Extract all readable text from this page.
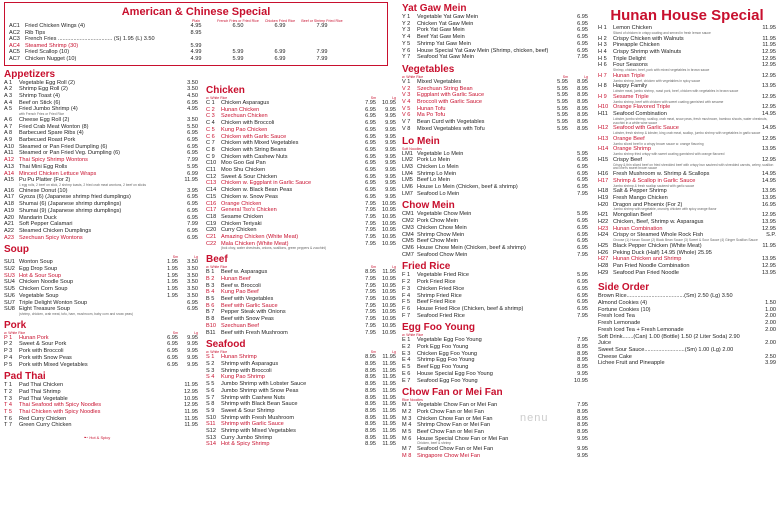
American & Chinese Special
Plain	French Fries or Fried Rice	Chicken Fried Rice	Beef or Shrimp Fried Rice
AC1 Fried Chicken Wings (4)	4.95	6.50	6.99	7.99
AC2 Rib Tips	8.95
AC3 French Fries ................................... (S) 1.95 (L) 3.50
AC4 Steamed Shrimp (30)	5.99
AC5 Fried Scallop (10)	4.99	5.99	6.99	7.99
AC7 Chicken Nugget (10)	4.99	5.99	6.99	7.99
Appetizers
A 1	Vegetable Egg Roll (2)	3.50
A 2	Shrimp Egg Roll (2)	3.50
A 3	Shrimp Toast (4)	4.50
A 4	Beef on Stick (6)	6.95
A 5	Fried Jumbo Shrimp (4)	4.95
with French Fries or Fried Rice
A 6	Cheese Egg Roll (2)	3.50
A 7	Fried Crab Meat Wonton (8)	5.50
A 8	Barbecued Spare Ribs (4)	6.95
A 9	Barbecued Roast Pork	6.95
A10 Steamed or Pan Fried Dumpling (6)	6.95
A11 Steamed or Pan Fried Veg. Dumpling (6)	6.95
A12 Thai Spicy Shrimp Wontons	7.99
A13 Thai Mini Egg Rolls	5.95
A14 Minced Chicken Lettuce Wraps	6.99
A15 Pu Pu Platter (For 2)	11.95
1 egg rolls, 2 beef on stick, 2 shrimp toasts, 2 fried crab meat wontons, 2 beef on sticks
A16 Chinese Donut (10)	3.95
A17 Gyoza (6) (Japanese shrimp fried dumplings)	6.95
A18 Shumai (6) (Japanese shrimp dumplings)	6.95
A19 Shumai (9) (Japanese shrimp dumplings)	6.95
A20 Mandarin Duck	6.95
A21 Soft Pepper Calamari	7.99
A22 Steamed Chicken Dumplings	6.95
A23 Szechuan Spicy Wontons	6.95
Soup
Sm	Lg
SU1 Wonton Soup	1.95	3.50
SU2 Egg Drop Soup	1.95	3.50
SU3 Hot & Sour Soup	1.95	3.50
SU4 Chicken Noodle Soup	1.95	3.50
SU5 Chicken Corn Soup	1.95	3.50
SU6 Vegetable Soup	1.95	3.50
SU7 Triple Delight Wonton Soup	6.95
SU8 Eight Treasure Soup	6.95
(shrimp, chicken, crab meat, tofu, ham, mushroom, baby corn and snow peas)
Pork
w. White Rice	Sm	Lg
P 1	Hunan Pork	6.95	9.95
P 2	Sweet & Sour Pork	6.95	9.95
P 3	Pork with Broccoli	6.95	9.95
P 4	Pork with Snow Peas	6.95	9.95
P 5	Pork with Mixed Vegetables	6.95	9.95
Pad Thai
T 1	Pad Thai Chicken	11.95
T 2	Pad Thai Shrimp	12.95
T 3	Pad Thai Vegetable	10.95
T 4	Thai Seafood with Spicy Noodles	12.95
T 5	Thai Chicken with Spicy Noodles	11.95
T 6	Red Curry Chicken	11.95
T 7	Green Curry Chicken	11.95
➸ Hot & Spicy
Chicken
w. White Rice	Sm	Lg
C 1	Chicken Asparagus	7.95	10.95
C 2	Hunan Chicken	6.95	9.95
C 3	Szechuan Chicken	6.95	9.95
C 4	Chicken with Broccoli	6.95	9.95
C 5	Kung Pao Chicken	6.95	9.95
C 6	Chicken with Garlic Sauce	6.95	9.95
C 7	Chicken with Mixed Vegetables	6.95	9.95
C 8	Chicken with String Beans	6.95	9.95
C 9	Chicken with Cashew Nuts	6.95	9.95
C10 Moo Goo Gai Pan	6.95	9.95
C11 Moo Shu Chicken	6.95	9.95
C12 Sweet & Sour Chicken	6.95	9.95
C13 Chicken w. Eggplant in Garlic Sauce	6.95	9.95
C14 Chicken w. Black Bean Peas	6.95	9.95
C15 Chicken w. Snow Peas	6.95	9.95
C16 Orange Chicken	7.95	10.95
C17 General Tso's Chicken	7.95	10.95
C18 Sesame Chicken	7.95	10.95
C19 Chicken Teriyaki	7.95	10.95
C20 Curry Chicken	7.95	10.95
C21 Amazing Chicken (White Meat)	7.95	10.95
C22 Mala Chicken (White Meat)	7.95	10.95
(bok choy, water chestnuts, onions, scallions, green peppers & zucchini)
Beef
w. White Rice	Sm	Lg
B 1	Beef w. Asparagus	8.95	11.95
B 2	Hunan Beef	7.95	10.95
B 3	Beef w. Broccoli	7.95	10.95
B 4	Kung Pao Beef	7.95	10.95
B 5	Beef with Vegetables	7.95	10.95
B 6	Beef with Garlic Sauce	7.95	10.95
B 7	Pepper Steak with Onions	7.95	10.95
B 8	Beef with Snow Peas	7.95	10.95
B10 Szechuan Beef	7.95	10.95
B11 Beef with Fresh Mushroom	7.95	10.95
Seafood
w. White Rice	Sm	Lg
S 1	Hunan Shrimp	8.95	11.95
S 2	Shrimp with Asparagus	8.95	11.95
S 3	Shrimp with Broccoli	8.95	11.95
S 4	Kung Pao Shrimp	8.95	11.95
S 5	Jumbo Shrimp with Lobster Sauce	8.95	11.95
S 6	Jumbo Shrimp with Snow Peas	8.95	11.95
S 7	Shrimp with Cashew Nuts	8.95	11.95
S 8	Shrimp with Black Bean Sauce	8.95	11.95
S 9	Sweet & Sour Shrimp	8.95	11.95
S10 Shrimp with Fresh Mushroom	8.95	11.95
S11 Shrimp with Garlic Sauce	8.95	11.95
S12 Shrimp with Mixed Vegetables	8.95	11.95
S13 Curry Jumbo Shrimp	8.95	11.95
S14 Hot & Spicy Shrimp	8.95	11.95
Yat Gaw Mein
Y 1	Vegetable Yat Gaw Mein	6.95
Y 2	Chicken Yat Gaw Mein	6.95
Y 3	Pork Yat Gaw Mein	6.95
Y 4	Beef Yat Gaw Mein	6.95
Y 5	Shrimp Yat Gaw Mein	6.95
Y 6	House Special Yat Gaw Mein (Shrimp, chicken, beef)	6.95
Y 7	Seafood Yat Gaw Mein	7.95
Vegetables
w. White Rice	Sm	Lg
V 1	Mixed Vegetables	5.95	8.95
V 2	Szechuan String Bean	5.95	8.95
V 3	Eggplant with Garlic Sauce	5.95	8.95
V 4	Broccoli with Garlic Sauce	5.95	8.95
V 5	Hunan Tofu	5.95	8.95
V 6	Ma Po Tofu	5.95	8.95
V 7	Bean Curd with Vegetables	5.95	8.95
V 8	Mixed Vegetables with Tofu	5.95	8.95
Lo Mein
Soft Noodles
LM1 Vegetable Lo Mein	5.95
LM2 Pork Lo Mein	6.95
LM3 Chicken Lo Mein	6.95
LM4 Shrimp Lo Mein	6.95
LM5 Beef Lo Mein	6.95
LM6 House Lo Mein (Chicken, beef & shrimp)	6.95
LM7 Seafood Lo Mein	7.95
Chow Mein
CM1 Vegetable Chow Mein	5.95
CM2 Pork Chow Mein	6.95
CM3 Chicken Chow Mein	6.95
CM4 Shrimp Chow Mein	6.95
CM5 Beef Chow Mein	6.95
CM6 House Chow Mein (Chicken, beef & shrimp)	6.95
CM7 Seafood Chow Mein	7.95
Fried Rice
F 1	Vegetable Fried Rice	5.95
F 2	Pork Fried Rice	6.95
F 3	Chicken Fried Rice	6.95
F 4	Shrimp Fried Rice	6.95
F 5	Beef Fried Rice	6.95
F 6	House Fried Rice (Chicken, beef & shrimp)	6.95
F 7	Seafood Fried Rice	7.95
Egg Foo Young
w. White Rice
E 1	Vegetable Egg Foo Young	7.95
E 2	Pork Egg Foo Young	8.95
E 3	Chicken Egg Foo Young	8.95
E 4	Shrimp Egg Foo Young	8.95
E 5	Beef Egg Foo Young	8.95
E 6	House Special Egg Foo Young	9.95
E 7	Seafood Egg Foo Young	10.95
Chow Fan or Mei Fan
Rice Noodles
M 1	Vegetable Chow Fan or Mei Fan	7.95
M 2	Pork Chow Fan or Mei Fan	8.95
M 3	Chicken Chow Fan or Mei Fan	8.95
M 4	Shrimp Chow Fan or Mei Fan	8.95
M 5	Beef Chow Fan or Mei Fan	8.95
M 6	House Special Chow Fan or Mei Fan	9.95
Chicken, beef & shrimp
M 7	Seafood Chow Fan or Mei Fan	9.95
M 8	Singapore Chow Mei Fan	9.95
Hunan House Special
H 1	Lemon Chicken	11.95
Sliced of chicken in crispy coating and served in fresh lemon sauce
H 2	Crispy Chicken with Walnuts	11.95
H 3	Pineapple Chicken	11.95
H 4	Crispy Shrimp with Walnuts	12.95
H 5	Triple Delight	12.95
H 6	Four Seasons	12.95
Shrimp, chicken, beef, pork with mixed vegetables in brown sauce
H 7	Hunan Triple	12.95
Jumbo shrimp, beef, chicken with vegetables in spicy sauce
H 8	Happy Family	13.95
Lobster meat, jumbo shrimp, roast pork, beef, chicken with vegetables in brown sauce
H 9	Sesame Triple	12.95
Jumbo shrimp, beef with chicken with sweet coating garnished with sesame
H10 Orange Flavored Triple	12.95
H11 Seafood Combination	14.95
Lobster, jumbo shrimp, scallop, crab meat, snow peas, fresh mushroom, bamboo shoots, water chestnuts, zucchini in a white wine sauce
H12 Seafood with Garlic Sauce	14.95
Lobster, fresh shrimp & lobster, king crab meat, scallop, jumbo shrimp with vegetables in garlic sauce
H13 Orange Beef	12.95
Jumbo sliced beef in a crispy brown sauce w. orange flavoring
H14 Orange Shrimp	13.95
Jumbo shrimp fried crispy with sweet coating garnished with orange flavored
H15 Crispy Beef	12.95
Crispy & thin sliced beef on fried shredded beef with crispy bun sauteed with shredded carrots, celery, scallion and chef's sweet brown sauce
H16 Fresh Mushroom w. Shrimp & Scallops	14.95
H17 Shrimp & Scallop in Garlic Sauce	14.95
Jumbo shrimp & fresh scallop sauteed with garlic sauce
H18 Salt & Pepper Shrimp	13.95
H19 Fresh Mango Chicken	13.95
H20 Dragon and Phoenix (For 2)	16.95
Jumbo shrimp with vegetable, crunchy chicken with spicy orange flavor
H21 Mongolian Beef	12.95
H22 Chicken, Beef, Shrimp w. Asparagus	13.95
H23 Hunan Combination	12.95
H24 Crispy or Steamed Whole Rock Fish	S.P.
Choose (1) Hunan Sauce (2) Black Bean Sauce (3) Sweet & Sour Sauce (4) Ginger Scallion Sauce
H25 Black Pepper Chicken (White Meat)	11.95
H26 Peking Duck (Half) 14.95 (Whole) 25.95
H27 Hunan Chicken and Shrimp	13.95
H28 Pan Fried Noodle Combination	12.95
H29 Seafood Pan Fried Noodle	13.95
Side Order
Brown Rice.....................................(Sm) 2.50 (Lg) 3.50
Almond Cookies (4)	1.50
Fortune Cookies (10)	1.00
Fresh Iced Tea	2.00
Fresh Lemonade	2.00
Fresh Iced Tea + Fresh Lemonade	2.00
Soft Drink.......(Can) 1.00 (Bottle) 1.50 (2 Liter Soda) 2.90
Juice	2.00
Sweet Sour Sauce..........................(Sm) 1.00 (Lg) 2.00
Cheese Cake	2.50
Lichee Fruit and Pineapple	3.99
nenu
